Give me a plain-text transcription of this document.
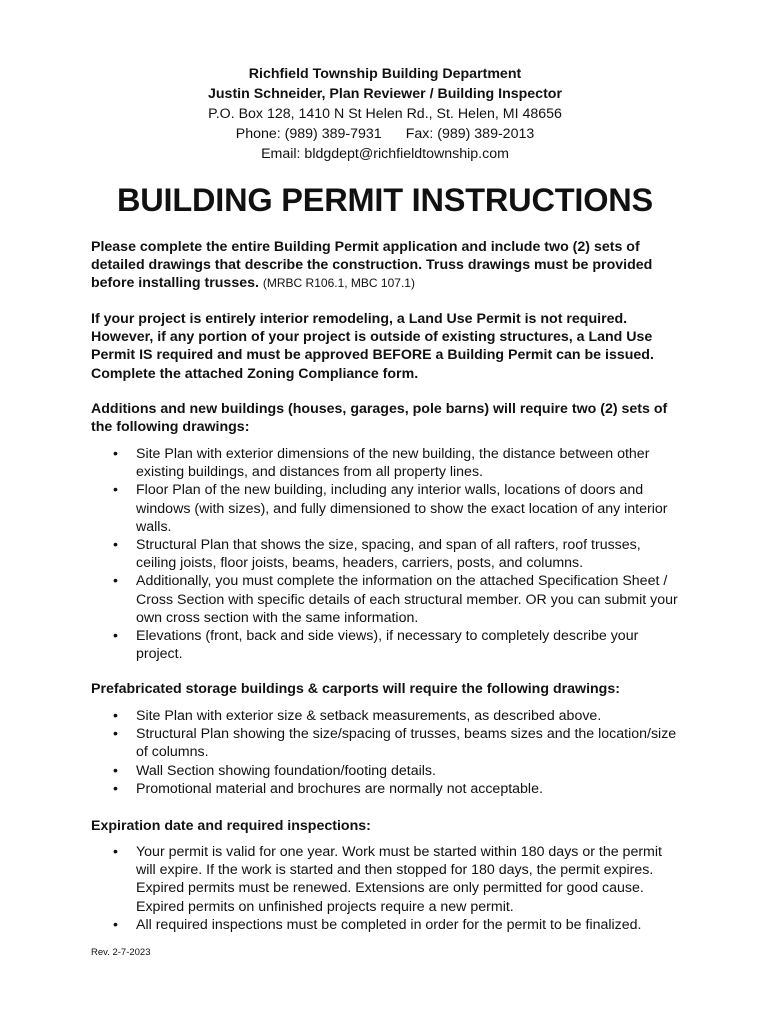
Richfield Township Building Department
Justin Schneider, Plan Reviewer / Building Inspector
P.O. Box 128, 1410 N St Helen Rd., St. Helen, MI 48656
Phone: (989) 389-7931 Fax: (989) 389-2013
Email: bldgdept@richfieldtownship.com
BUILDING PERMIT INSTRUCTIONS
Please complete the entire Building Permit application and include two (2) sets of detailed drawings that describe the construction. Truss drawings must be provided before installing trusses. (MRBC R106.1, MBC 107.1)
If your project is entirely interior remodeling, a Land Use Permit is not required. However, if any portion of your project is outside of existing structures, a Land Use Permit IS required and must be approved BEFORE a Building Permit can be issued. Complete the attached Zoning Compliance form.
Additions and new buildings (houses, garages, pole barns) will require two (2) sets of the following drawings:
• Site Plan with exterior dimensions of the new building, the distance between other existing buildings, and distances from all property lines.
• Floor Plan of the new building, including any interior walls, locations of doors and windows (with sizes), and fully dimensioned to show the exact location of any interior walls.
• Structural Plan that shows the size, spacing, and span of all rafters, roof trusses, ceiling joists, floor joists, beams, headers, carriers, posts, and columns.
• Additionally, you must complete the information on the attached Specification Sheet / Cross Section with specific details of each structural member. OR you can submit your own cross section with the same information.
• Elevations (front, back and side views), if necessary to completely describe your project.
Prefabricated storage buildings & carports will require the following drawings:
• Site Plan with exterior size & setback measurements, as described above.
• Structural Plan showing the size/spacing of trusses, beams sizes and the location/size of columns.
• Wall Section showing foundation/footing details.
• Promotional material and brochures are normally not acceptable.
Expiration date and required inspections:
• Your permit is valid for one year. Work must be started within 180 days or the permit will expire. If the work is started and then stopped for 180 days, the permit expires. Expired permits must be renewed. Extensions are only permitted for good cause. Expired permits on unfinished projects require a new permit.
• All required inspections must be completed in order for the permit to be finalized.
Rev. 2-7-2023
